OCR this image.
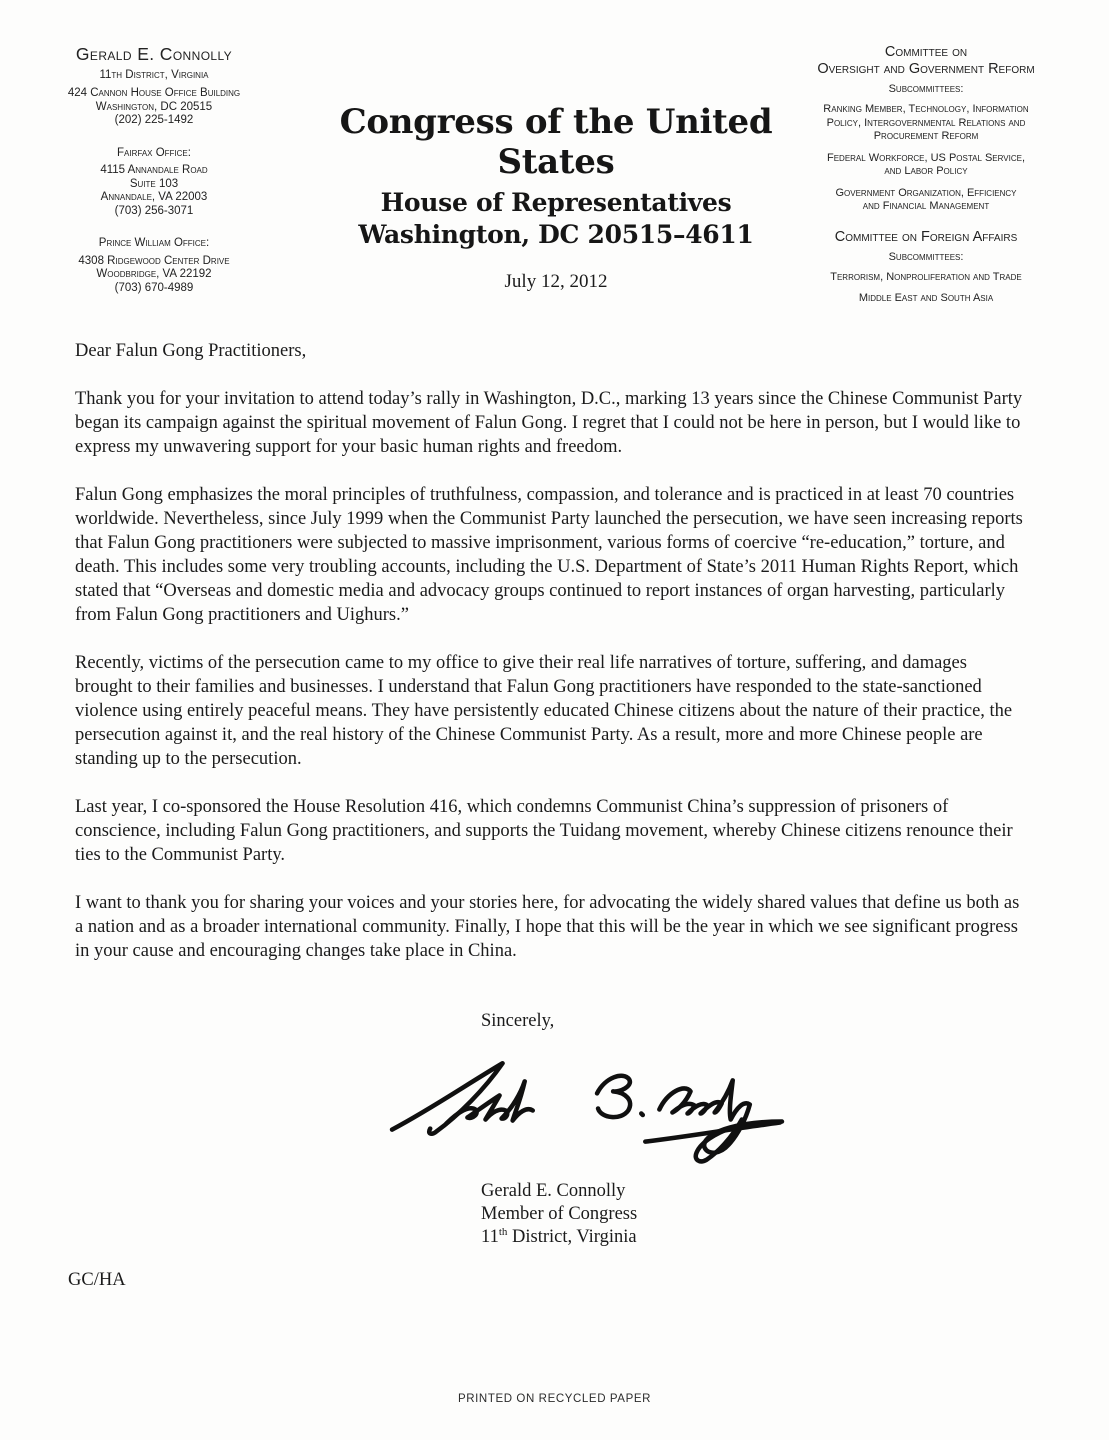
Gerald E. Connolly
11th District, Virginia
424 Cannon House Office Building
Washington, DC 20515
(202) 225-1492
Fairfax Office:
4115 Annandale Road
Suite 103
Annandale, VA 22003
(703) 256-3071
Prince William Office:
4308 Ridgewood Center Drive
Woodbridge, VA 22192
(703) 670-4989
Committee on
Oversight and Government Reform
Subcommittees:
Ranking Member, Technology, Information
Policy, Intergovernmental Relations and
Procurement Reform
Federal Workforce, US Postal Service,
and Labor Policy
Government Organization, Efficiency
and Financial Management
Committee on Foreign Affairs
Subcommittees:
Terrorism, Nonproliferation and Trade
Middle East and South Asia
Congress of the United States
House of Representatives
Washington, DC 20515–4611
July 12, 2012

Dear Falun Gong Practitioners,

Thank you for your invitation to attend today’s rally in Washington, D.C., marking 13 years since the Chinese Communist Party began its campaign against the spiritual movement of Falun Gong. I regret that I could not be here in person, but I would like to express my unwavering support for your basic human rights and freedom.

Falun Gong emphasizes the moral principles of truthfulness, compassion, and tolerance and is practiced in at least 70 countries worldwide. Nevertheless, since July 1999 when the Communist Party launched the persecution, we have seen increasing reports that Falun Gong practitioners were subjected to massive imprisonment, various forms of coercive “re-education,” torture, and death. This includes some very troubling accounts, including the U.S. Department of State’s 2011 Human Rights Report, which stated that “Overseas and domestic media and advocacy groups continued to report instances of organ harvesting, particularly from Falun Gong practitioners and Uighurs.”

Recently, victims of the persecution came to my office to give their real life narratives of torture, suffering, and damages brought to their families and businesses. I understand that Falun Gong practitioners have responded to the state-sanctioned violence using entirely peaceful means. They have persistently educated Chinese citizens about the nature of their practice, the persecution against it, and the real history of the Chinese Communist Party. As a result, more and more Chinese people are standing up to the persecution.

Last year, I co-sponsored the House Resolution 416, which condemns Communist China’s suppression of prisoners of conscience, including Falun Gong practitioners, and supports the Tuidang movement, whereby Chinese citizens renounce their ties to the Communist Party.

I want to thank you for sharing your voices and your stories here, for advocating the widely shared values that define us both as a nation and as a broader international community. Finally, I hope that this will be the year in which we see significant progress in your cause and encouraging changes take place in China.

Sincerely,
Gerald E. Connolly
Member of Congress
11th District, Virginia
GC/HA
PRINTED ON RECYCLED PAPER
